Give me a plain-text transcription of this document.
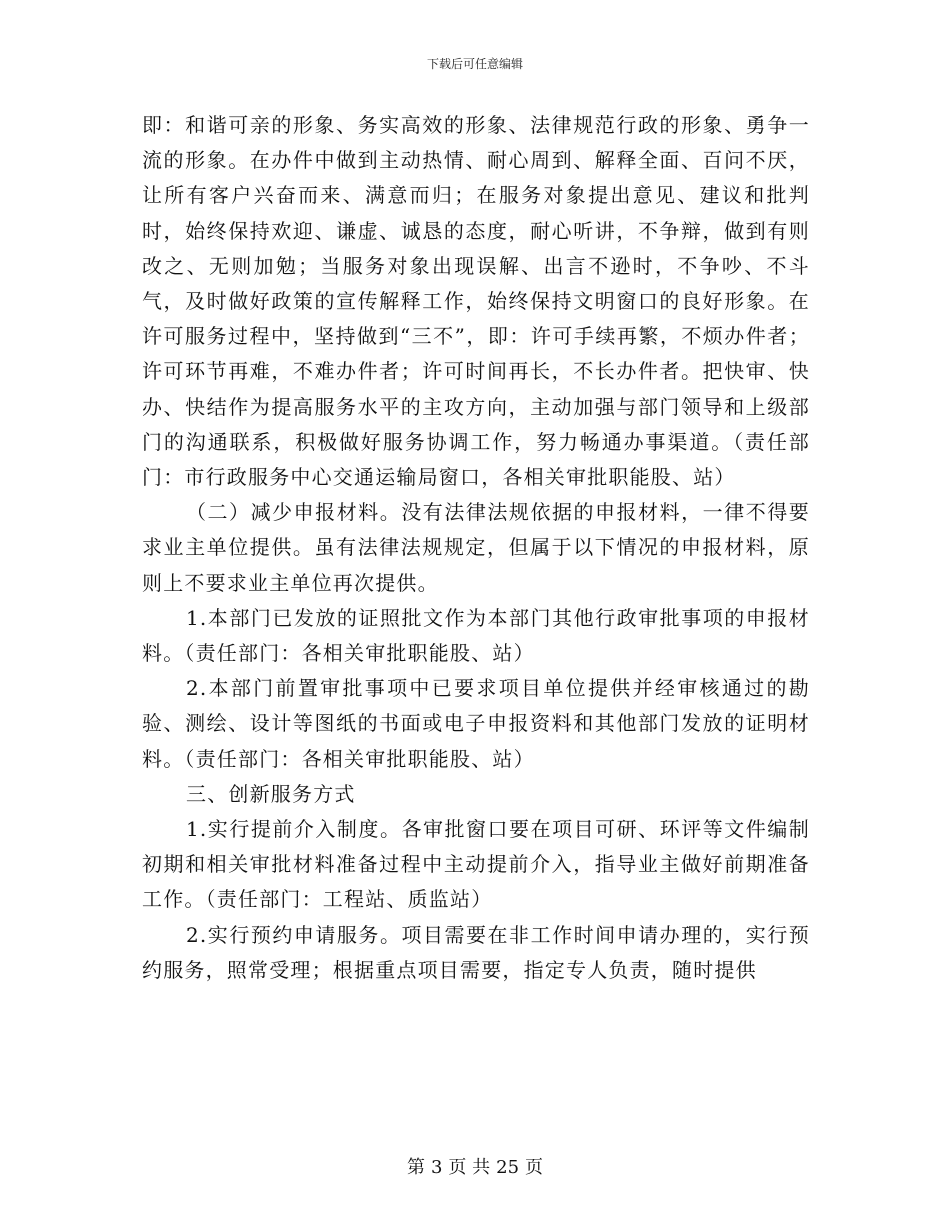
下载后可任意编辑

即：和谐可亲的形象、务实高效的形象、法律规范行政的形象、勇争一流的形象。在办件中做到主动热情、耐心周到、解释全面、百问不厌，让所有客户兴奋而来、满意而归；在服务对象提出意见、建议和批判时，始终保持欢迎、谦虚、诚恳的态度，耐心听讲，不争辩，做到有则改之、无则加勉；当服务对象出现误解、出言不逊时，不争吵、不斗气，及时做好政策的宣传解释工作，始终保持文明窗口的良好形象。在许可服务过程中，坚持做到“三不”，即：许可手续再繁，不烦办件者；许可环节再难，不难办件者；许可时间再长，不长办件者。把快审、快办、快结作为提高服务水平的主攻方向，主动加强与部门领导和上级部门的沟通联系，积极做好服务协调工作，努力畅通办事渠道。（责任部门：市行政服务中心交通运输局窗口，各相关审批职能股、站）

（二）减少申报材料。没有法律法规依据的申报材料，一律不得要求业主单位提供。虽有法律法规规定，但属于以下情况的申报材料，原则上不要求业主单位再次提供。

1.本部门已发放的证照批文作为本部门其他行政审批事项的申报材料。（责任部门：各相关审批职能股、站）

2.本部门前置审批事项中已要求项目单位提供并经审核通过的勘验、测绘、设计等图纸的书面或电子申报资料和其他部门发放的证明材料。（责任部门：各相关审批职能股、站）

三、创新服务方式

1.实行提前介入制度。各审批窗口要在项目可研、环评等文件编制初期和相关审批材料准备过程中主动提前介入，指导业主做好前期准备工作。（责任部门：工程站、质监站）

2.实行预约申请服务。项目需要在非工作时间申请办理的，实行预约服务，照常受理；根据重点项目需要，指定专人负责，随时提供

第 3 页 共 25 页
